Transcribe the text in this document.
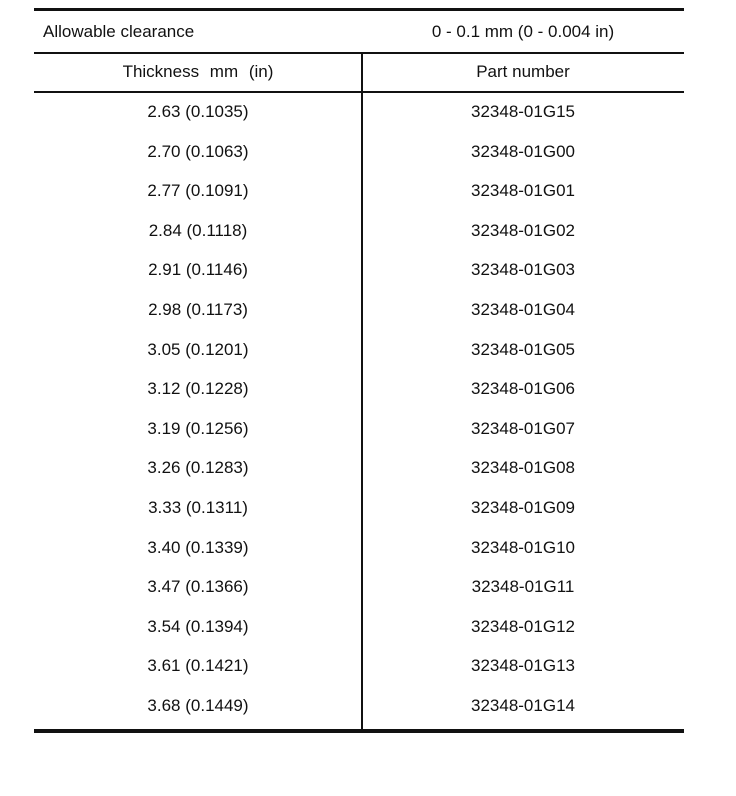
Allowable clearance	0 - 0.1 mm (0 - 0.004 in)
Thickness mm (in)	Part number
2.63 (0.1035)	32348-01G15
2.70 (0.1063)	32348-01G00
2.77 (0.1091)	32348-01G01
2.84 (0.1118)	32348-01G02
2.91 (0.1146)	32348-01G03
2.98 (0.1173)	32348-01G04
3.05 (0.1201)	32348-01G05
3.12 (0.1228)	32348-01G06
3.19 (0.1256)	32348-01G07
3.26 (0.1283)	32348-01G08
3.33 (0.1311)	32348-01G09
3.40 (0.1339)	32348-01G10
3.47 (0.1366)	32348-01G11
3.54 (0.1394)	32348-01G12
3.61 (0.1421)	32348-01G13
3.68 (0.1449)	32348-01G14
